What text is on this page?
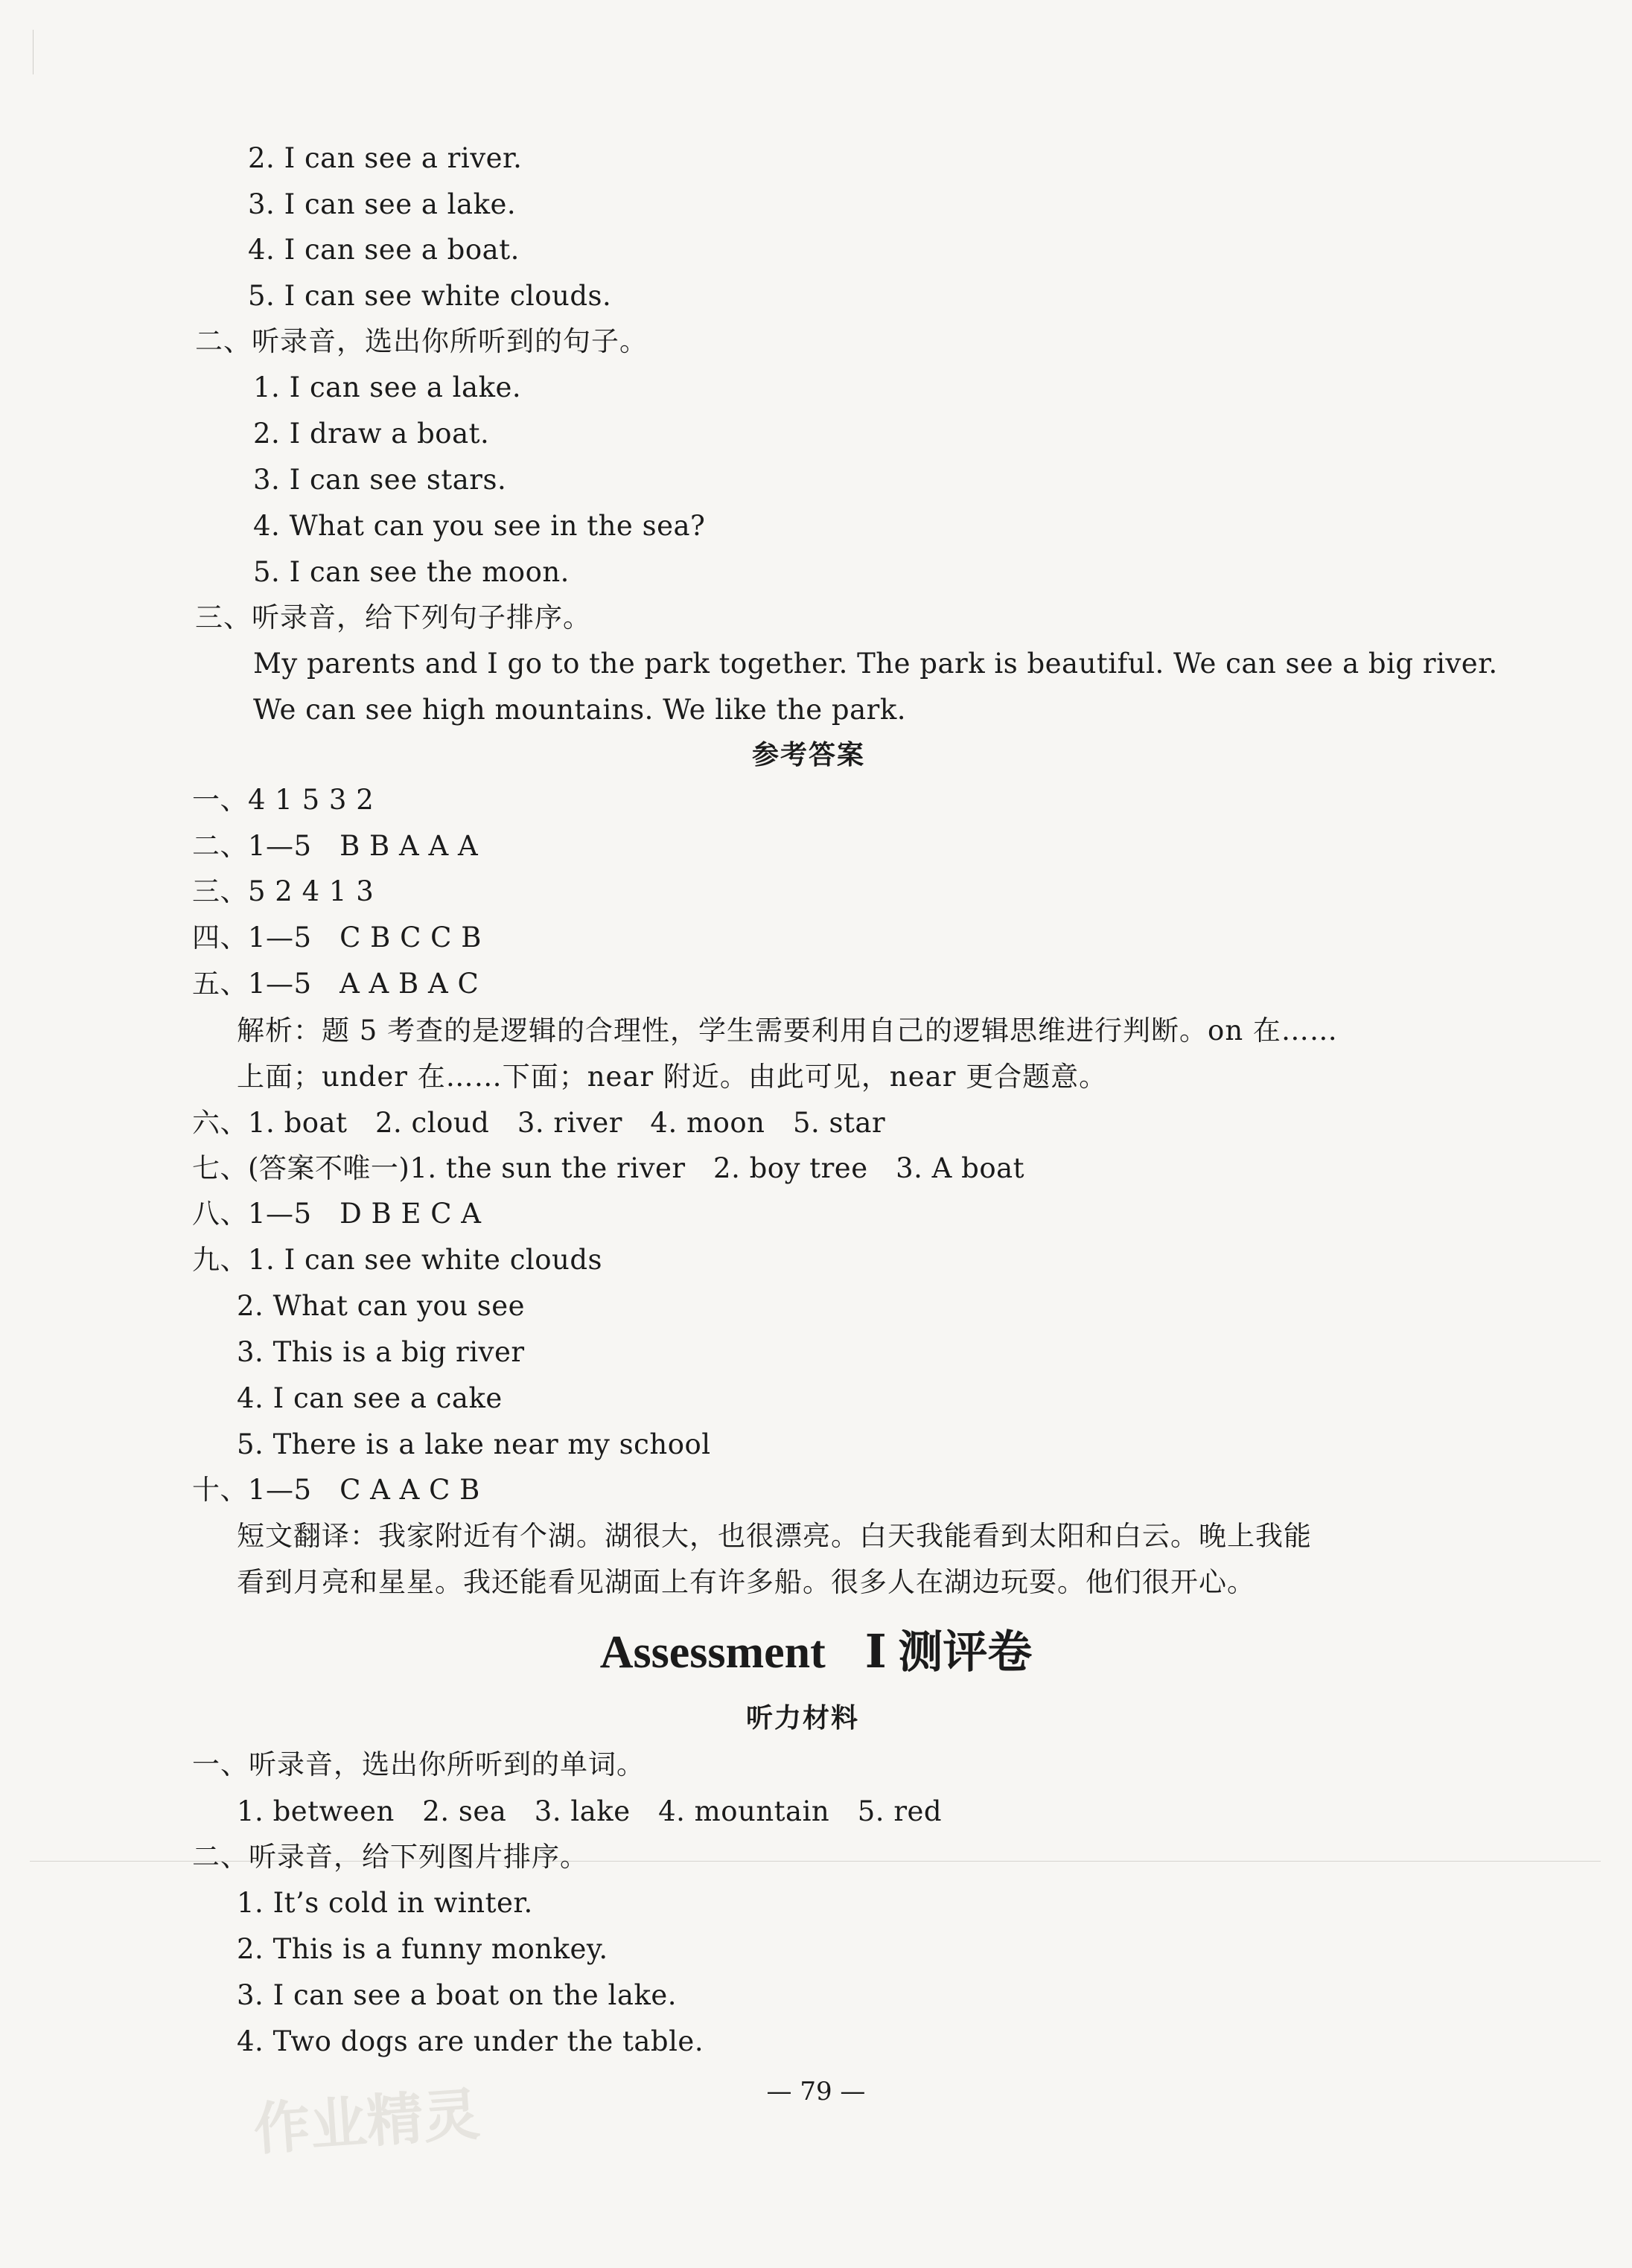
2. I can see a river.
3. I can see a lake.
4. I can see a boat.
5. I can see white clouds.
二、听录音，选出你所听到的句子。
1. I can see a lake.
2. I draw a boat.
3. I can see stars.
4. What can you see in the sea?
5. I can see the moon.
三、听录音，给下列句子排序。
My parents and I go to the park together. The park is beautiful. We can see a big river.
We can see high mountains. We like the park.
参考答案
一、4 1 5 3 2
二、1—5　B B A A A
三、5 2 4 1 3
四、1—5　C B C C B
五、1—5　A A B A C
解析：题 5 考查的是逻辑的合理性，学生需要利用自己的逻辑思维进行判断。on 在……
上面；under 在……下面；near 附近。由此可见，near 更合题意。
六、1. boat　2. cloud　3. river　4. moon　5. star
七、(答案不唯一)1. the sun the river　2. boy tree　3. A boat
八、1—5　D B E C A
九、1. I can see white clouds
2. What can you see
3. This is a big river
4. I can see a cake
5. There is a lake near my school
十、1—5　C A A C B
短文翻译：我家附近有个湖。湖很大，也很漂亮。白天我能看到太阳和白云。晚上我能
看到月亮和星星。我还能看见湖面上有许多船。很多人在湖边玩耍。他们很开心。
Assessment Ⅰ 测评卷
听力材料
一、听录音，选出你所听到的单词。
1. between　2. sea　3. lake　4. mountain　5. red
二、听录音，给下列图片排序。
1. It’s cold in winter.
2. This is a funny monkey.
3. I can see a boat on the lake.
4. Two dogs are under the table.
— 79 —
作业精灵
